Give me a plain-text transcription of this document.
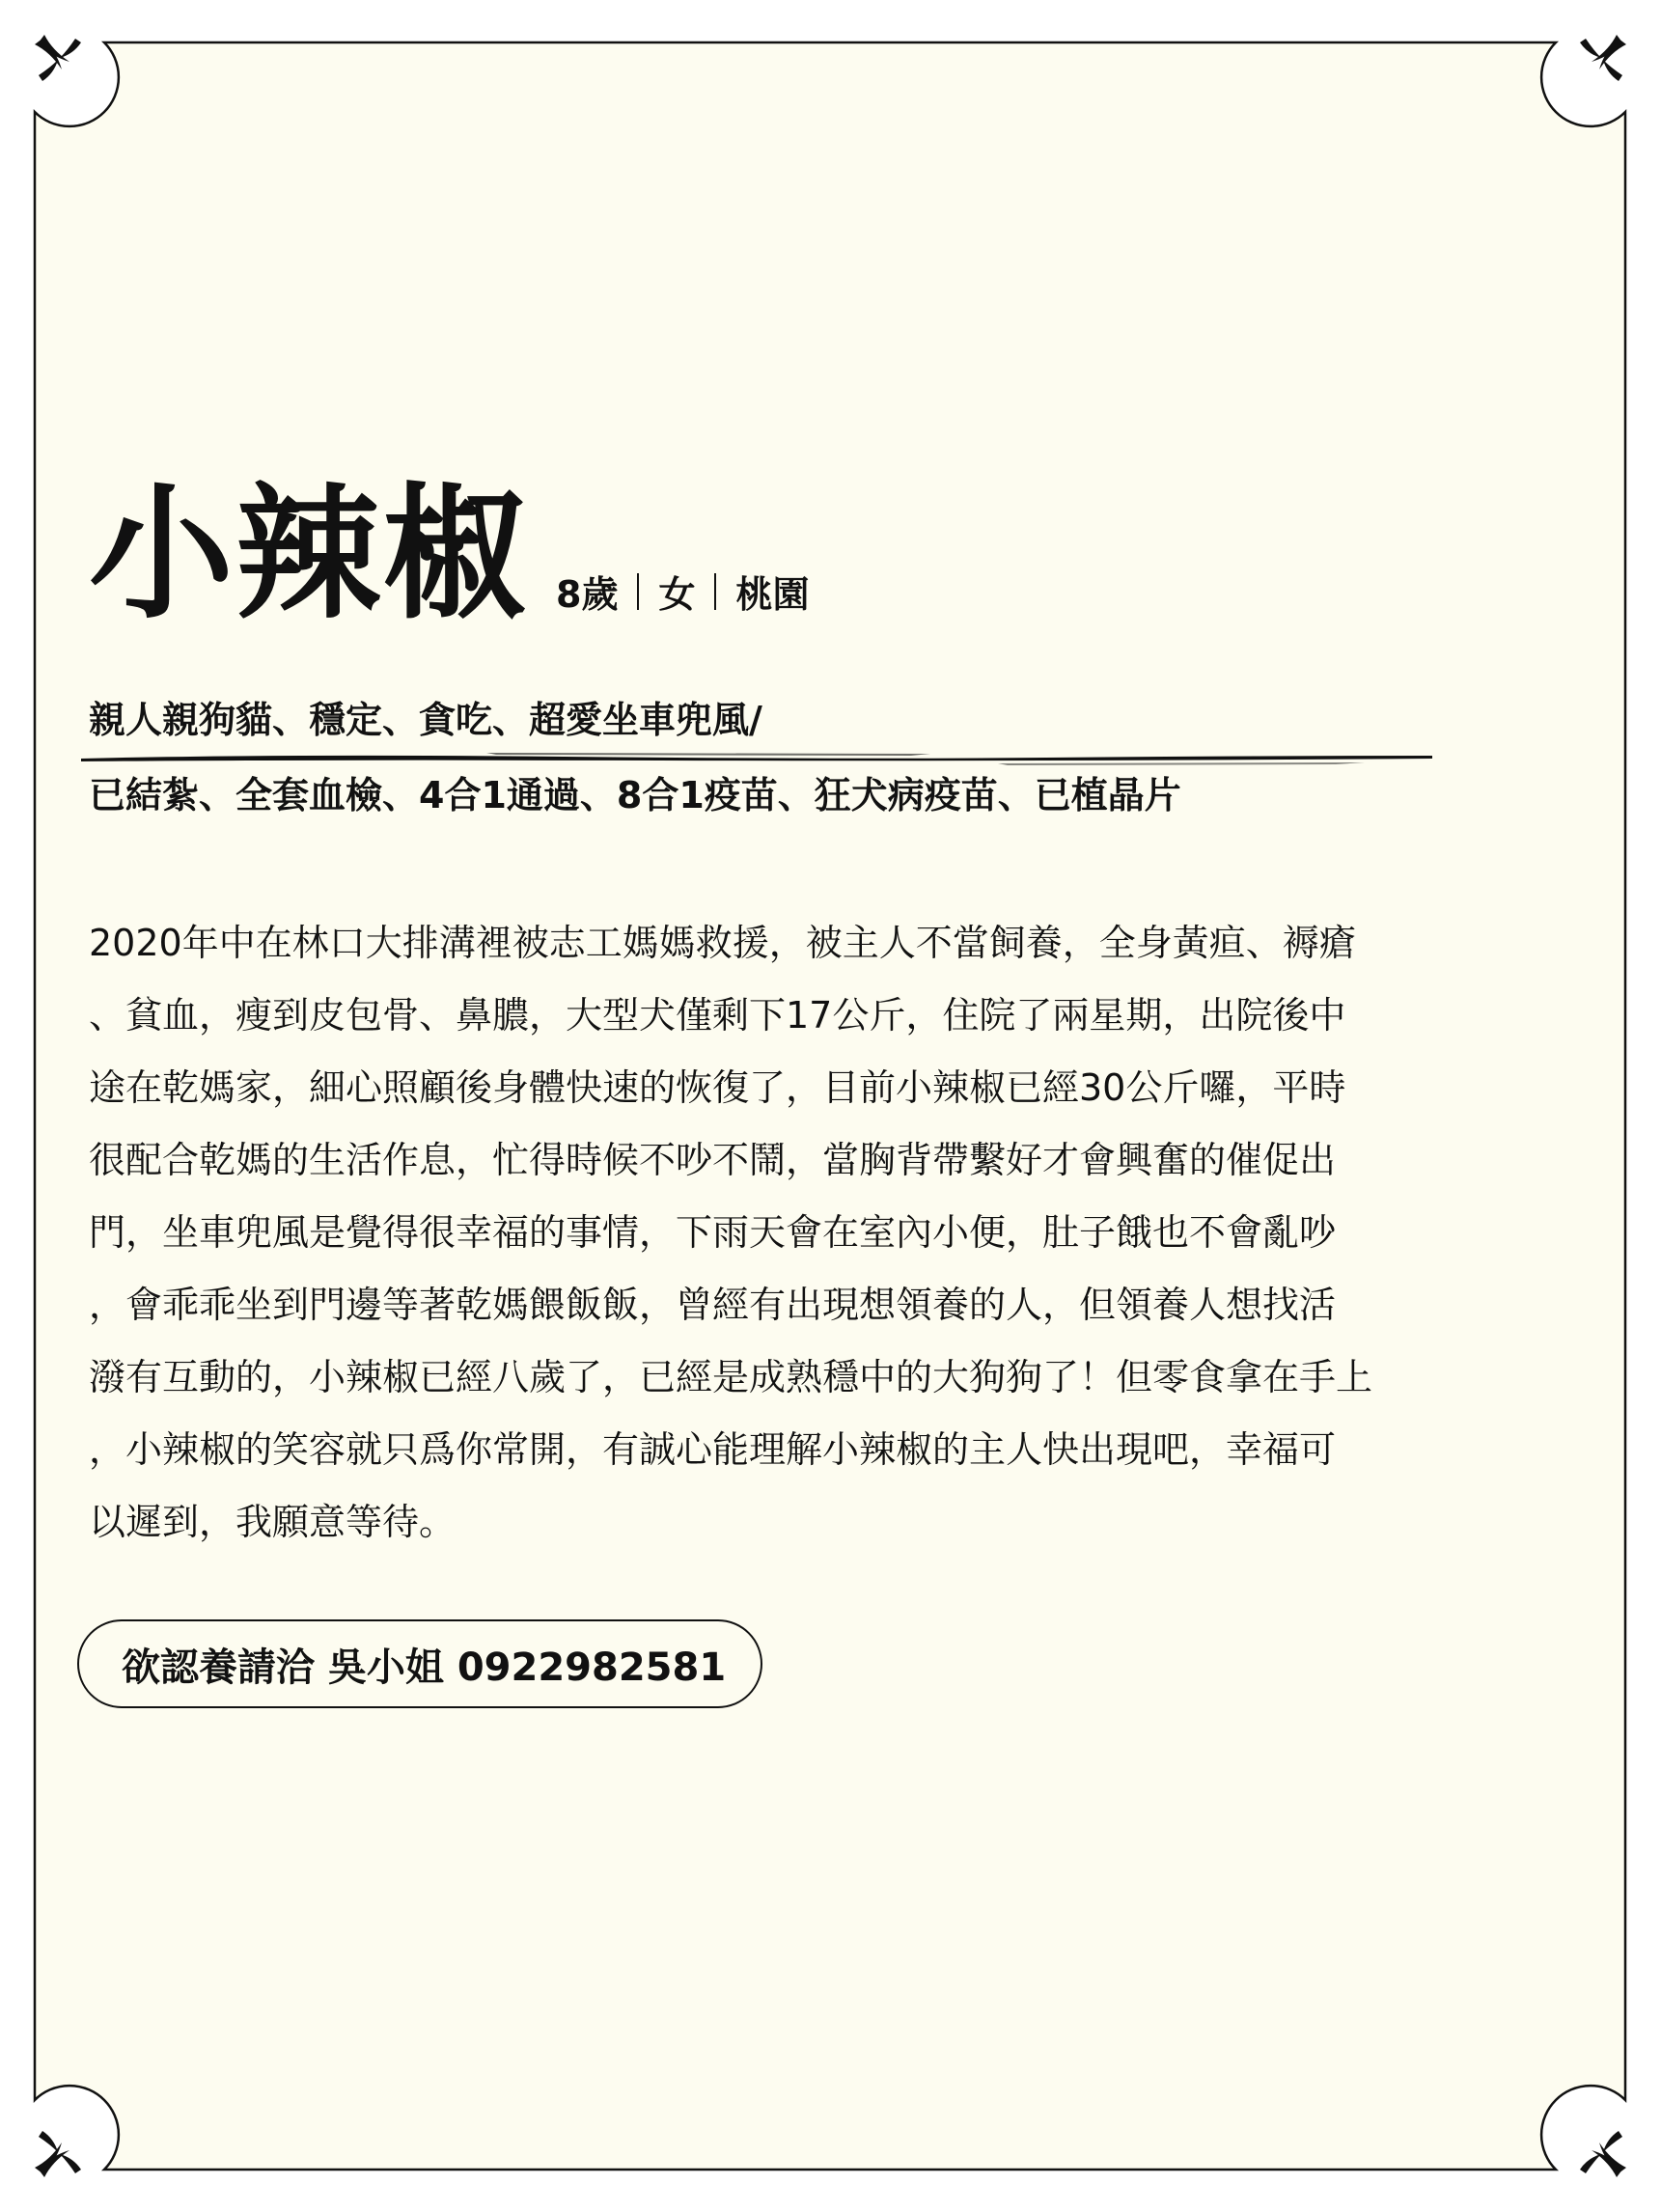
小辣椒 8歲 女 桃園
親人親狗貓、穩定、貪吃、超愛坐車兜風/
已結紮、全套血檢、4合1通過、8合1疫苗、狂犬病疫苗、已植晶片
2020年中在林口大排溝裡被志工媽媽救援，被主人不當飼養，全身黃疸、褥瘡
、貧血，瘦到皮包骨、鼻膿，大型犬僅剩下17公斤，住院了兩星期，出院後中
途在乾媽家，細心照顧後身體快速的恢復了，目前小辣椒已經30公斤囉，平時
很配合乾媽的生活作息，忙得時候不吵不鬧，當胸背帶繫好才會興奮的催促出
門，坐車兜風是覺得很幸福的事情，下雨天會在室內小便，肚子餓也不會亂吵
，會乖乖坐到門邊等著乾媽餵飯飯，曾經有出現想領養的人，但領養人想找活
潑有互動的，小辣椒已經八歲了，已經是成熟穩中的大狗狗了！但零食拿在手上
，小辣椒的笑容就只爲你常開，有誠心能理解小辣椒的主人快出現吧，幸福可
以遲到，我願意等待。
欲認養請洽 吳小姐 0922982581
